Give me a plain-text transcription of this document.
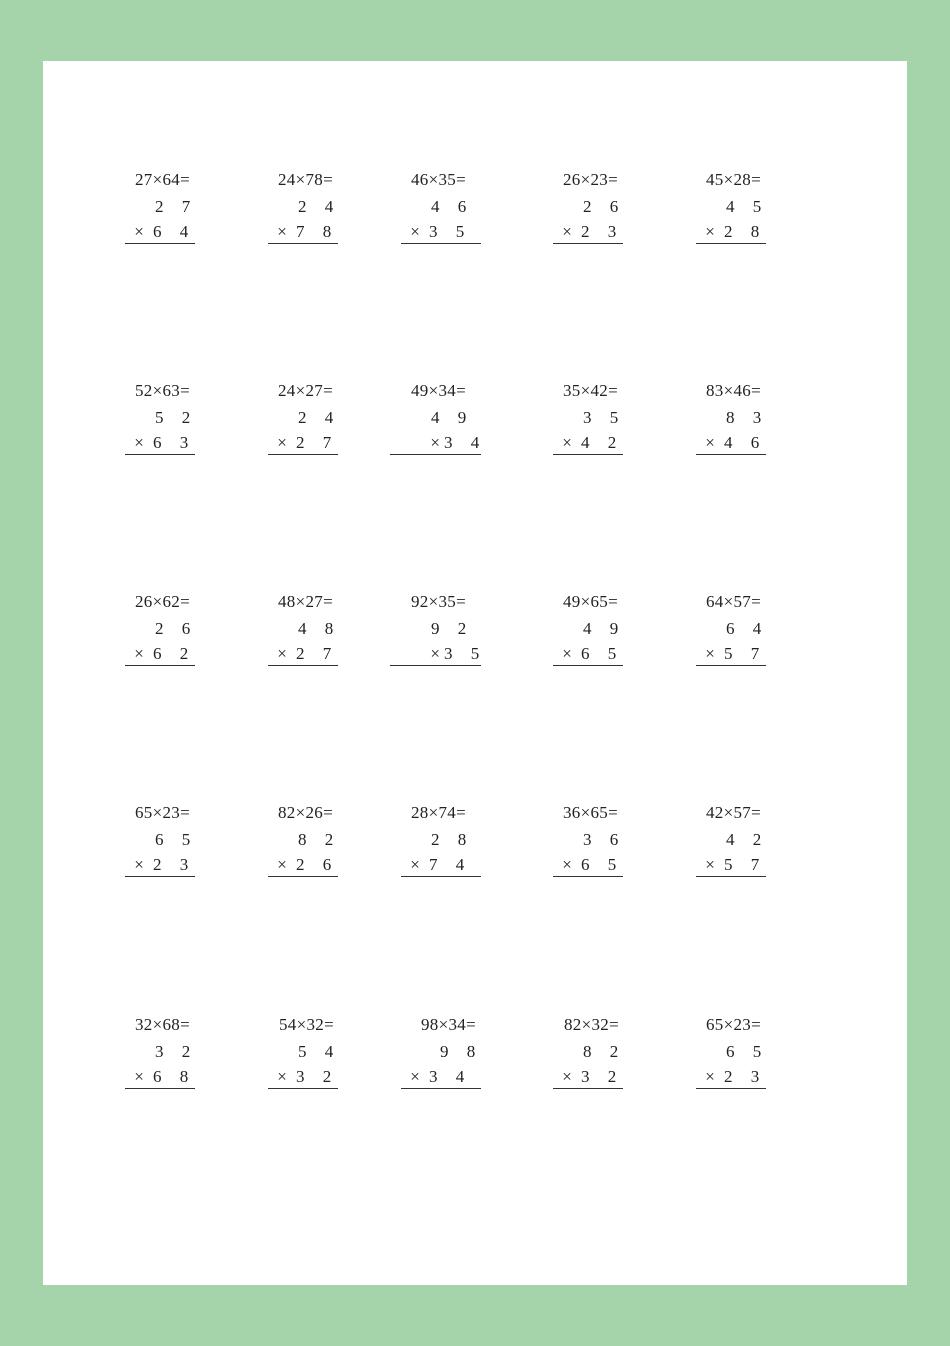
27×64=
2 7
× 6 4
24×78=
2 4
× 7 8
46×35=
4 6
× 3 5
26×23=
2 6
× 2 3
45×28=
4 5
× 2 8
52×63=
5 2
× 6 3
24×27=
2 4
× 2 7
49×34=
4 9
× 3 4
35×42=
3 5
× 4 2
83×46=
8 3
× 4 6
26×62=
2 6
× 6 2
48×27=
4 8
× 2 7
92×35=
9 2
× 3 5
49×65=
4 9
× 6 5
64×57=
6 4
× 5 7
65×23=
6 5
× 2 3
82×26=
8 2
× 2 6
28×74=
2 8
× 7 4
36×65=
3 6
× 6 5
42×57=
4 2
× 5 7
32×68=
3 2
× 6 8
54×32=
5 4
× 3 2
98×34=
9 8
× 3 4
82×32=
8 2
× 3 2
65×23=
6 5
× 2 3
